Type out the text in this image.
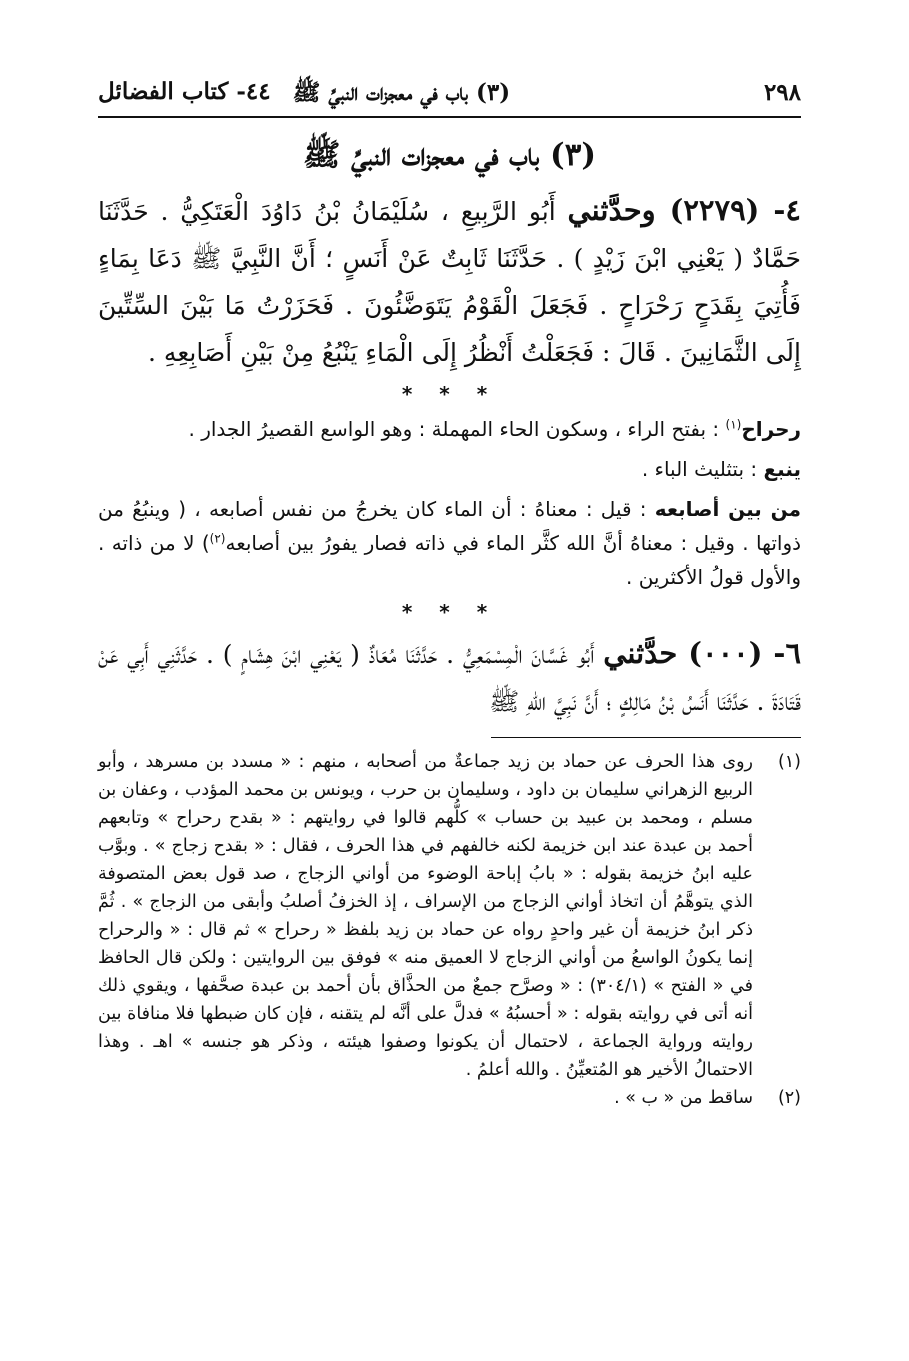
٢٩٨
(٣) باب في معجزات النبيِّ ﷺ
٤٤- كتاب الفضائل
(٣) باب في معجزات النبيِّ ﷺ
٤- (٢٢٧٩) وحدَّثني أَبُو الرَّبِيعِ ، سُلَيْمَانُ بْنُ دَاوُدَ الْعَتَكِيُّ . حَدَّثَنَا حَمَّادٌ ( يَعْنِي ابْنَ زَيْدٍ ) . حَدَّثَنَا ثَابِتٌ عَنْ أَنَسٍ ؛ أَنَّ النَّبِيَّ ﷺ دَعَا بِمَاءٍ فَأُتِيَ بِقَدَحٍ رَحْرَاحٍ . فَجَعَلَ الْقَوْمُ يَتَوَضَّئُونَ . فَحَزَرْتُ مَا بَيْنَ السِّتِّينَ إِلَى الثَّمَانِينَ . قَالَ : فَجَعَلْتُ أَنْظُرُ إِلَى الْمَاءِ يَنْبُعُ مِنْ بَيْنِ أَصَابِعِهِ .
* * *

رحراح$^{(١)}$ : بفتح الراء ، وسكون الحاء المهملة : وهو الواسع القصيرُ الجدار .

ينبع : بتثليث الباء .

من بين أصابعه : قيل : معناهُ : أن الماء كان يخرجُ من نفس أصابعه ، ( وينبُعُ من ذواتها . وقيل : معناهُ أنَّ الله كثَّر الماء في ذاته فصار يفورُ بين أصابعه$^{(٢)}$) لا من ذاته . والأول قولُ الأكثرين .

* * *
٦- (٠٠٠) حدَّثني أَبُو غَسَّانَ الْمِسْمَعِيُّ . حَدَّثَنَا مُعَاذٌ ( يَعْنِي ابْنَ هِشَامٍ ) . حَدَّثَنِي أَبِي عَنْ قَتَادَةَ . حَدَّثَنَا أَنَسُ بْنُ مَالِكٍ ؛ أَنَّ نَبِيَّ اللهِ ﷺ
(١)
روى هذا الحرف عن حماد بن زيد جماعةٌ من أصحابه ، منهم : « مسدد بن مسرهد ، وأبو الربيع الزهراني سليمان بن داود ، وسليمان بن حرب ، ويونس بن محمد المؤدب ، وعفان بن مسلم ، ومحمد بن عبيد بن حساب » كلُّهم قالوا في روايتهم : « بقدح رحراح » وتابعهم أحمد بن عبدة عند ابن خزيمة لكنه خالفهم في هذا الحرف ، فقال : « بقدح زجاج » . وبوَّب عليه ابنُ خزيمة بقوله : « بابُ إباحة الوضوء من أواني الزجاج ، صد قول بعض المتصوفة الذي يتوهَّمُ أن اتخاذ أواني الزجاج من الإسراف ، إذ الخزفُ أصلبُ وأبقى من الزجاج » . ثُمَّ ذكر ابنُ خزيمة أن غير واحدٍ رواه عن حماد بن زيد بلفظ « رحراح » ثم قال : « والرحراح إنما يكونُ الواسعُ من أواني الزجاج لا العميق منه » فوفق بين الروايتين : ولكن قال الحافظ في « الفتح » (٣٠٤/١) : « وصرَّح جمعٌ من الحذَّاق بأن أحمد بن عبدة صحَّفها ، ويقوي ذلك أنه أتى في روايته بقوله : « أحسبُهُ » فدلَّ على أنَّه لم يتقنه ، فإن كان ضبطها فلا منافاة بين روايته ورواية الجماعة ، لاحتمال أن يكونوا وصفوا هيئته ، وذكر هو جنسه » اهـ . وهذا الاحتمالُ الأخير هو المُتعيِّنُ . والله أعلمُ .
(٢)
ساقط من « ب » .
